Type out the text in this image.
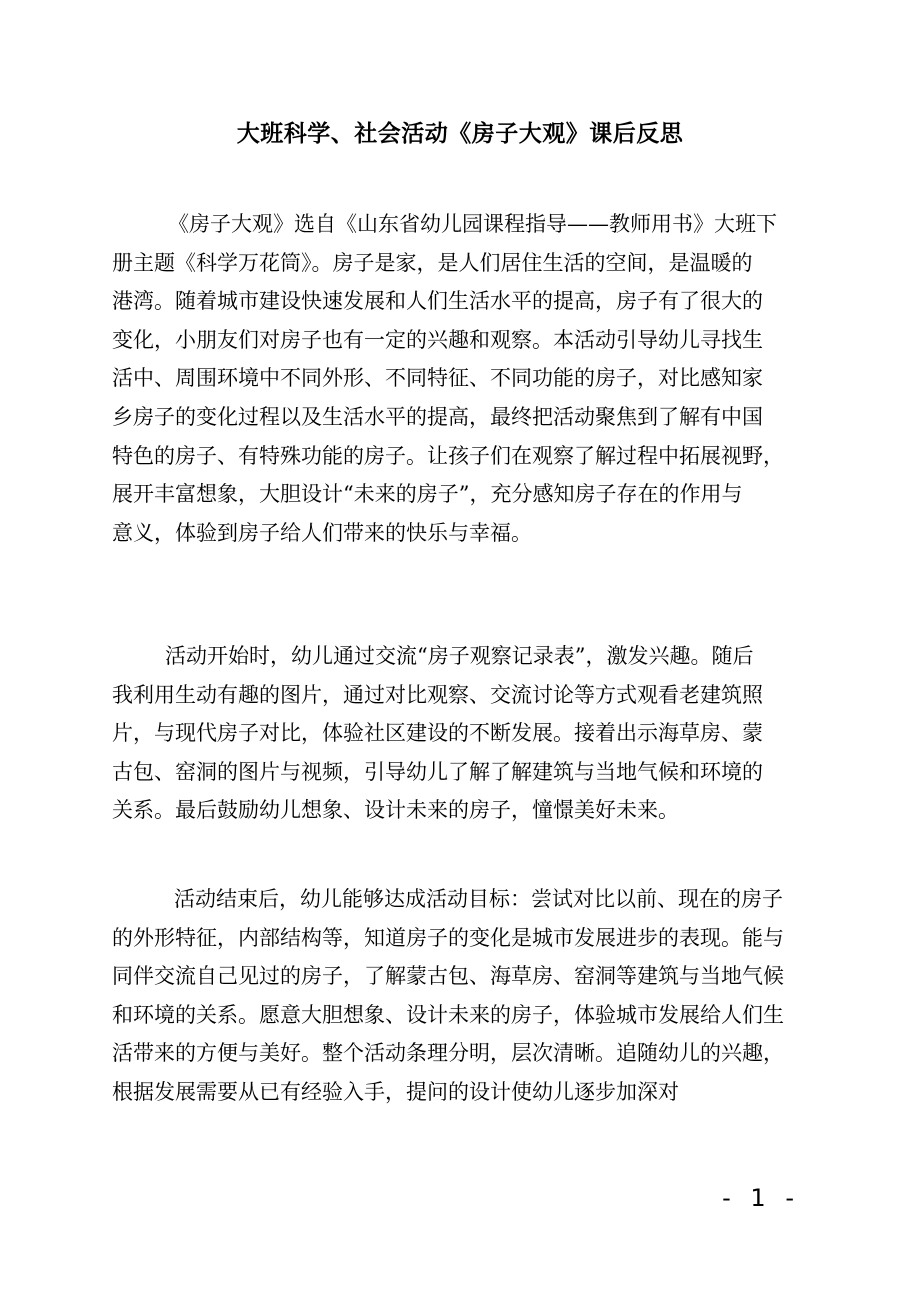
大班科学、社会活动《房子大观》课后反思
《房子大观》选自《山东省幼儿园课程指导——教师用书》大班下
册主题《科学万花筒》。房子是家，是人们居住生活的空间，是温暖的
港湾。随着城市建设快速发展和人们生活水平的提高，房子有了很大的
变化，小朋友们对房子也有一定的兴趣和观察。本活动引导幼儿寻找生
活中、周围环境中不同外形、不同特征、不同功能的房子，对比感知家
乡房子的变化过程以及生活水平的提高，最终把活动聚焦到了解有中国
特色的房子、有特殊功能的房子。让孩子们在观察了解过程中拓展视野，
展开丰富想象，大胆设计“未来的房子”，充分感知房子存在的作用与
意义，体验到房子给人们带来的快乐与幸福。
活动开始时，幼儿通过交流“房子观察记录表”，激发兴趣。随后
我利用生动有趣的图片，通过对比观察、交流讨论等方式观看老建筑照
片，与现代房子对比，体验社区建设的不断发展。接着出示海草房、蒙
古包、窑洞的图片与视频，引导幼儿了解了解建筑与当地气候和环境的
关系。最后鼓励幼儿想象、设计未来的房子，憧憬美好未来。
活动结束后，幼儿能够达成活动目标：尝试对比以前、现在的房子
的外形特征，内部结构等，知道房子的变化是城市发展进步的表现。能与
同伴交流自己见过的房子，了解蒙古包、海草房、窑洞等建筑与当地气候
和环境的关系。愿意大胆想象、设计未来的房子，体验城市发展给人们生
活带来的方便与美好。整个活动条理分明，层次清晰。追随幼儿的兴趣，
根据发展需要从已有经验入手，提问的设计使幼儿逐步加深对
- 1 -
